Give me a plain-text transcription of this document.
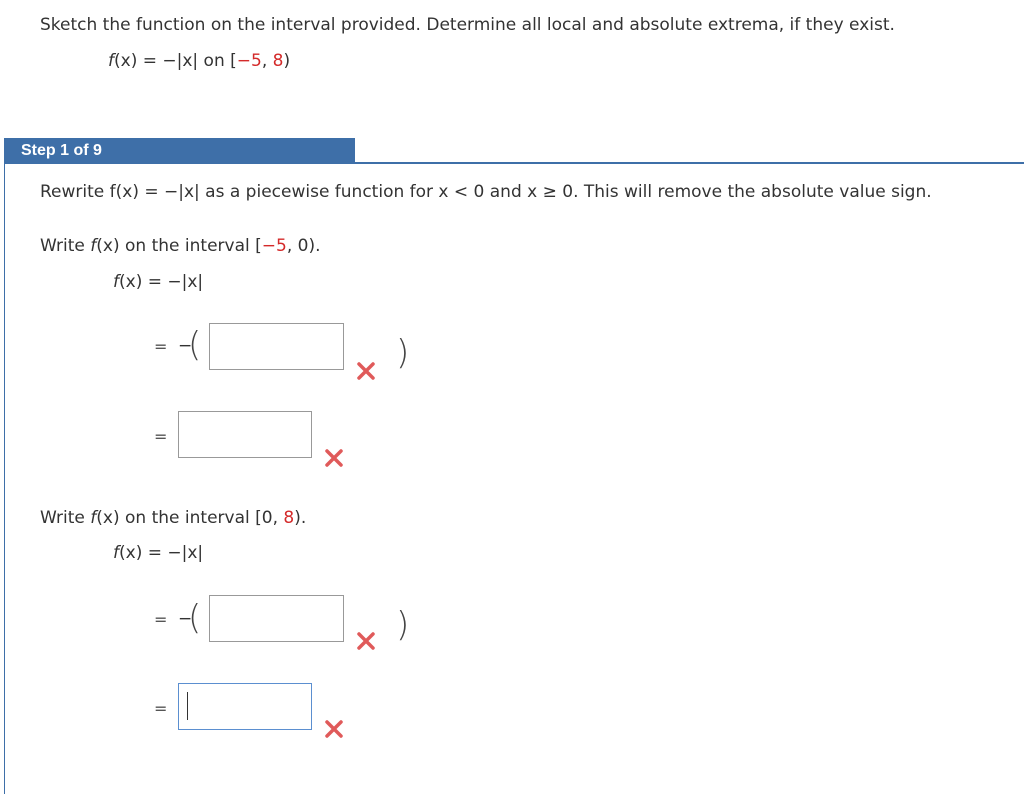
Sketch the function on the interval provided. Determine all local and absolute extrema, if they exist.
f(x) = −|x| on [−5, 8)
Step 1 of 9
Rewrite f(x) = −|x| as a piecewise function for x < 0 and x ≥ 0. This will remove the absolute value sign.
Write f(x) on the interval [−5, 0).
f(x) = −|x|
= −
(	)
=
Write f(x) on the interval [0, 8).
f(x) = −|x|
= −
(	)
=
